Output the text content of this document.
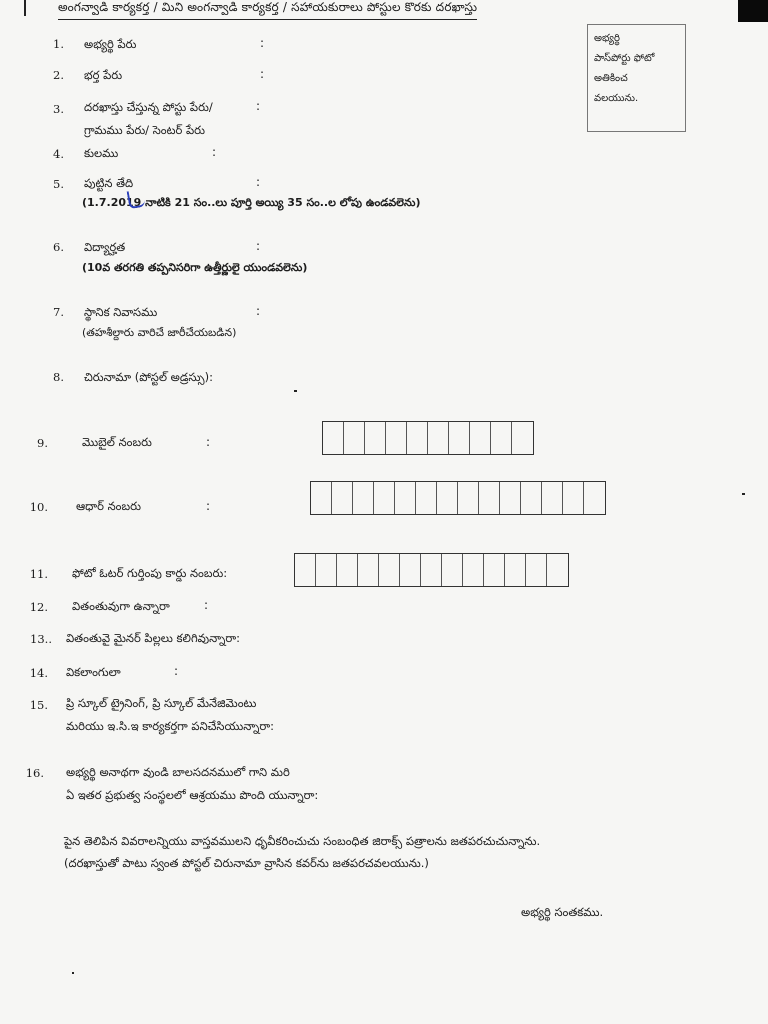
అంగన్వాడి కార్యకర్త / మిని అంగన్వాడి కార్యకర్త / సహాయకురాలు పోస్టుల కొరకు దరఖాస్తు
అభ్యర్థి
పాస్‌పోర్టు ఫోటో
అతికించ
వలయును.
1. అభ్యర్థి పేరు	:
2. భర్త పేరు	:
3. దరఖాస్తు చేస్తున్న పోస్టు పేరు/	:
గ్రామము పేరు/ సెంటర్ పేరు
4. కులము	:
5. పుట్టిన తేది	:
(1.7.2019 నాటికి 21 సం..లు పూర్తి అయ్యి 35 సం..ల లోపు ఉండవలెను)
6. విద్యార్హత	:
(10వ తరగతి తప్పనిసరిగా ఉత్తీర్ణులై యుండవలెను)
7. స్థానిక నివాసము	:
(తహశీల్దారు వారిచే జారీచేయబడిన)
8. చిరునామా (పోస్టల్ అడ్రస్సు):
9.	మొబైల్ నంబరు	:
10. ఆధార్ నంబరు	:
11. ఫోటో ఓటర్ గుర్తింపు కార్డు నంబరు:
12. వితంతువుగా ఉన్నారా	:
13.. వితంతువై మైనర్ పిల్లలు కలిగివున్నారా:
14. వికలాంగులా	:
15. ప్రి స్కూల్ ట్రైనింగ్, ప్రి స్కూల్ మేనేజిమెంటు
మరియు ఇ.సి.ఇ కార్యకర్తగా పనిచేసియున్నారా:
16. అభ్యర్థి అనాథగా వుండి బాలసదనములో గాని మరి
ఏ ఇతర ప్రభుత్వ సంస్థలలో ఆశ్రయము పొంది యున్నారా:
పైన తెలిపిన వివరాలన్నియు వాస్తవములని ధృవీకరించుచు సంబంధిత జిరాక్స్ పత్రాలను జతపరచుచున్నాను.
(దరఖాస్తుతో పాటు స్వంత పోస్టల్ చిరునామా వ్రాసిన కవర్‌ను జతపరచవలయును.)
అభ్యర్థి సంతకము.
